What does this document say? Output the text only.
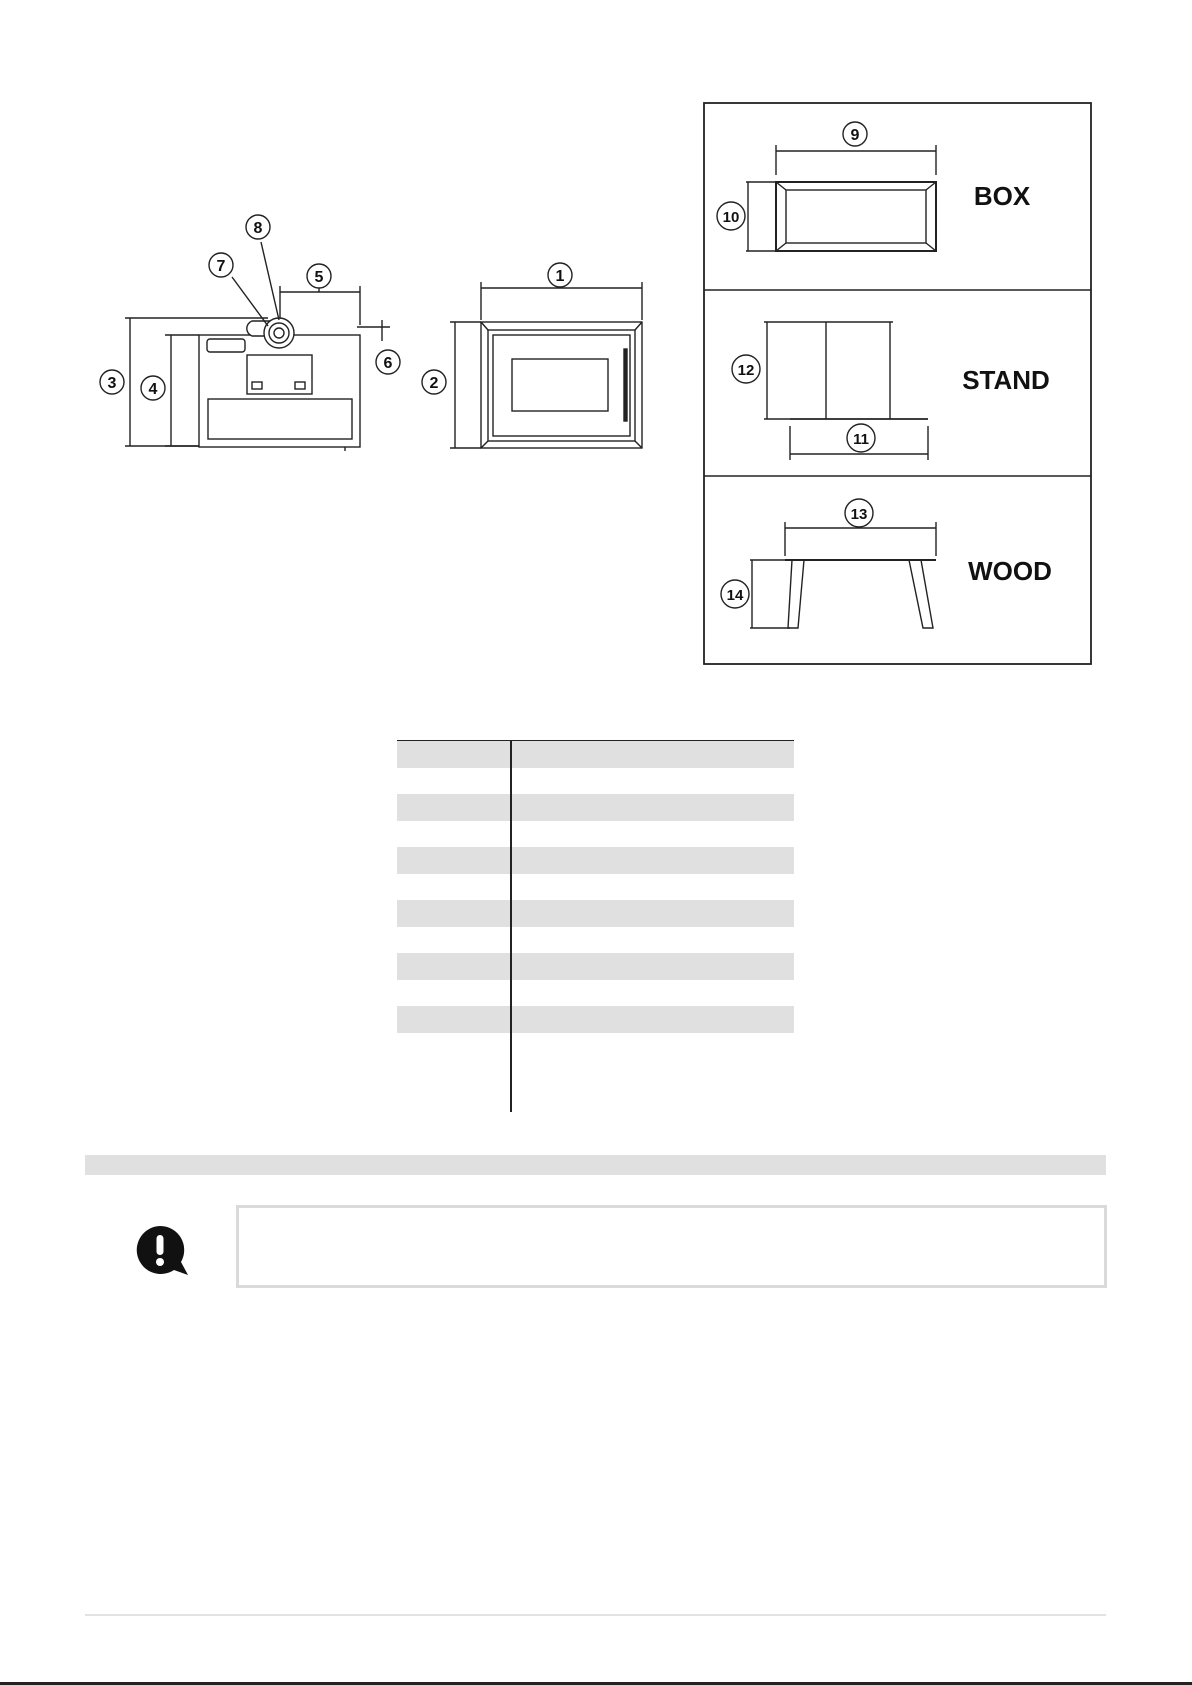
1
2
3 4
5
6
7
8
9
10
11
12
13
14
BOX
STAND
WOOD
